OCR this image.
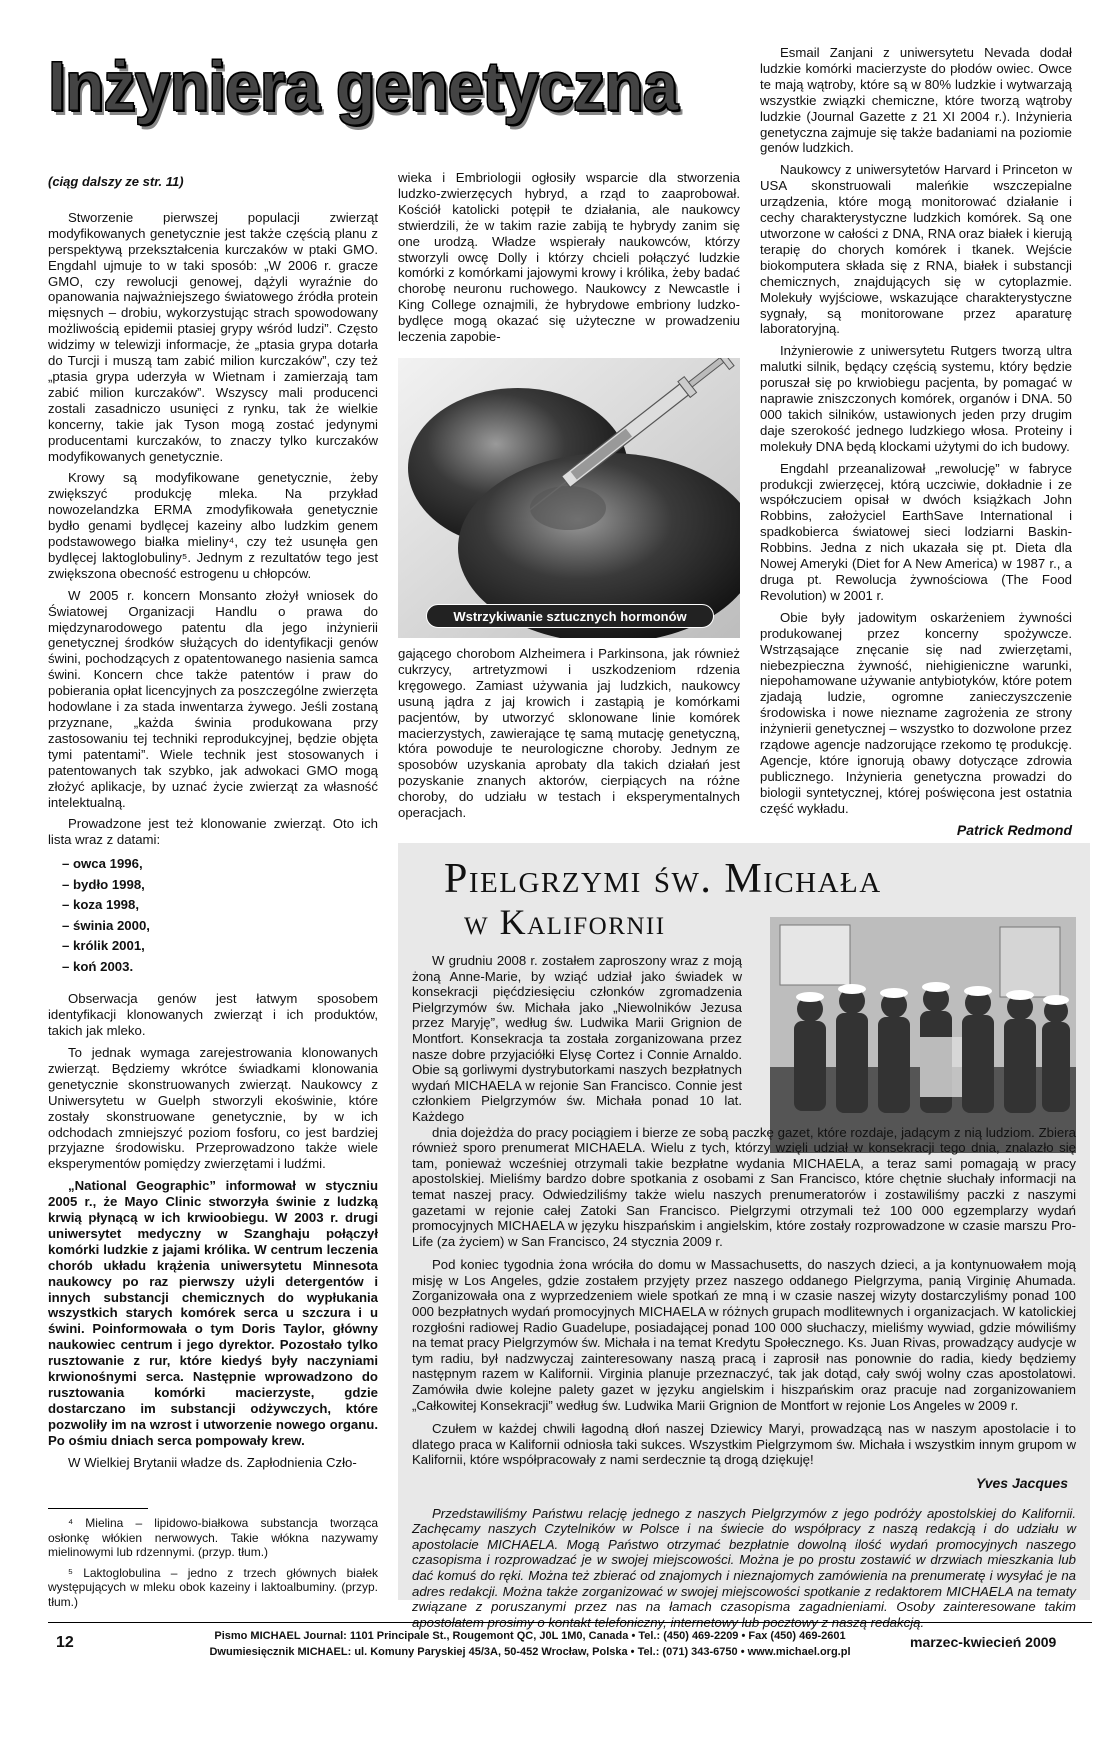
Inżyniera genetyczna
(ciąg dalszy ze str. 11)

Stworzenie pierwszej populacji zwierząt modyfikowanych genetycznie jest także częścią planu z perspektywą przekształcenia kurczaków w ptaki GMO. Engdahl ujmuje to w taki sposób: „W 2006 r. gracze GMO, czy rewolucji genowej, dążyli wyraźnie do opanowania najważniejszego światowego źródła protein mięsnych – drobiu, wykorzystując strach spowodowany możliwością epidemii ptasiej grypy wśród ludzi”. Często widzimy w telewizji informacje, że „ptasia grypa dotarła do Turcji i muszą tam zabić milion kurczaków”, czy też „ptasia grypa uderzyła w Wietnam i zamierzają tam zabić milion kurczaków”. Wszyscy mali producenci zostali zasadniczo usunięci z rynku, tak że wielkie koncerny, takie jak Tyson mogą zostać jedynymi producentami kurczaków, to znaczy tylko kurczaków modyfikowanych genetycznie.

Krowy są modyfikowane genetycznie, żeby zwiększyć produkcję mleka. Na przykład nowozelandzka ERMA zmodyfikowała genetycznie bydło genami bydlęcej kazeiny albo ludzkim genem podstawowego białka mieliny⁴, czy też usunęła gen bydlęcej laktoglobuliny⁵. Jednym z rezultatów tego jest zwiększona obecność estrogenu u chłopców.

W 2005 r. koncern Monsanto złożył wniosek do Światowej Organizacji Handlu o prawa do międzynarodowego patentu dla jego inżynierii genetycznej środków służących do identyfikacji genów świni, pochodzących z opatentowanego nasienia samca świni. Koncern chce także patentów i praw do pobierania opłat licencyjnych za poszczególne zwierzęta hodowlane i za stada inwentarza żywego. Jeśli zostaną przyznane, „każda świnia produkowana przy zastosowaniu tej techniki reprodukcyjnej, będzie objęta tymi patentami”. Wiele technik jest stosowanych i patentowanych tak szybko, jak adwokaci GMO mogą złożyć aplikacje, by uznać życie zwierząt za własność intelektualną.

Prowadzone jest też klonowanie zwierząt. Oto ich lista wraz z datami:

– owca 1996,
– bydło 1998,
– koza 1998,
– świnia 2000,
– królik 2001,
– koń 2003.

Obserwacja genów jest łatwym sposobem identyfikacji klonowanych zwierząt i ich produktów, takich jak mleko.

To jednak wymaga zarejestrowania klonowanych zwierząt. Będziemy wkrótce świadkami klonowania genetycznie skonstruowanych zwierząt. Naukowcy z Uniwersytetu w Guelph stworzyli ekoświnie, które zostały skonstruowane genetycznie, by w ich odchodach zmniejszyć poziom fosforu, co jest bardziej przyjazne środowisku. Przeprowadzono także wiele eksperymentów pomiędzy zwierzętami i ludźmi.

„National Geographic” informował w styczniu 2005 r., że Mayo Clinic stworzyła świnie z ludzką krwią płynącą w ich krwioobiegu. W 2003 r. drugi uniwersytet medyczny w Szanghaju połączył komórki ludzkie z jajami królika. W centrum leczenia chorób układu krążenia uniwersytetu Minnesota naukowcy po raz pierwszy użyli detergentów i innych substancji chemicznych do wypłukania wszystkich starych komórek serca u szczura i u świni. Poinformowała o tym Doris Taylor, główny naukowiec centrum i jego dyrektor. Pozostało tylko rusztowanie z rur, które kiedyś były naczyniami krwionośnymi serca. Następnie wprowadzono do rusztowania komórki macierzyste, gdzie dostarczano im substancji odżywczych, które pozwoliły im na wzrost i utworzenie nowego organu. Po ośmiu dniach serca pompowały krew.

W Wielkiej Brytanii władze ds. Zapłodnienia Czło-

wieka i Embriologii ogłosiły wsparcie dla stworzenia ludzko-zwierzęcych hybryd, a rząd to zaaprobował. Kościół katolicki potępił te działania, ale naukowcy stwierdzili, że w takim razie zabiją te hybrydy zanim się one urodzą. Władze wspierały naukowców, którzy stworzyli owcę Dolly i którzy chcieli połączyć ludzkie komórki z komórkami jajowymi krowy i królika, żeby badać chorobę neuronu ruchowego. Naukowcy z Newcastle i King College oznajmili, że hybrydowe embriony ludzko-bydlęce mogą okazać się użyteczne w prowadzeniu leczenia zapobie-

Wstrzykiwanie sztucznych hormonów

gającego chorobom Alzheimera i Parkinsona, jak również cukrzycy, artretyzmowi i uszkodzeniom rdzenia kręgowego. Zamiast używania jaj ludzkich, naukowcy usuną jądra z jaj krowich i zastąpią je komórkami pacjentów, by utworzyć sklonowane linie komórek macierzystych, zawierające tę samą mutację genetyczną, która powoduje te neurologiczne choroby. Jednym ze sposobów uzyskania aprobaty dla takich działań jest pozyskanie znanych aktorów, cierpiących na różne choroby, do udziału w testach i eksperymentalnych operacjach.

Esmail Zanjani z uniwersytetu Nevada dodał ludzkie komórki macierzyste do płodów owiec. Owce te mają wątroby, które są w 80% ludzkie i wytwarzają wszystkie związki chemiczne, które tworzą wątroby ludzkie (Journal Gazette z 21 XI 2004 r.). Inżynieria genetyczna zajmuje się także badaniami na poziomie genów ludzkich.

Naukowcy z uniwersytetów Harvard i Princeton w USA skonstruowali maleńkie wszczepialne urządzenia, które mogą monitorować działanie i cechy charakterystyczne ludzkich komórek. Są one utworzone w całości z DNA, RNA oraz białek i kierują terapię do chorych komórek i tkanek. Wejście biokomputera składa się z RNA, białek i substancji chemicznych, znajdujących się w cytoplazmie. Molekuły wyjściowe, wskazujące charakterystyczne sygnały, są monitorowane przez aparaturę laboratoryjną.

Inżynierowie z uniwersytetu Rutgers tworzą ultra malutki silnik, będący częścią systemu, który będzie poruszał się po krwiobiegu pacjenta, by pomagać w naprawie zniszczonych komórek, organów i DNA. 50 000 takich silników, ustawionych jeden przy drugim daje szerokość jednego ludzkiego włosa. Proteiny i molekuły DNA będą klockami użytymi do ich budowy.

Engdahl przeanalizował „rewolucję” w fabryce produkcji zwierzęcej, którą uczciwie, dokładnie i ze współczuciem opisał w dwóch książkach John Robbins, założyciel EarthSave International i spadkobierca światowej sieci lodziarni Baskin-Robbins. Jedna z nich ukazała się pt. Dieta dla Nowej Ameryki (Diet for A New America) w 1987 r., a druga pt. Rewolucja żywnościowa (The Food Revolution) w 2001 r.

Obie były jadowitym oskarżeniem żywności produkowanej przez koncerny spożywcze. Wstrząsające znęcanie się nad zwierzętami, niebezpieczna żywność, niehigieniczne warunki, niepohamowane używanie antybiotyków, które potem zjadają ludzie, ogromne zanieczyszczenie środowiska i nowe niezname zagrożenia ze strony inżynierii genetycznej – wszystko to dozwolone przez rządowe agencje nadzorujące rzekomo tę produkcję. Agencje, które ignorują obawy dotyczące zdrowia publicznego. Inżynieria genetyczna prowadzi do biologii syntetycznej, której poświęcona jest ostatnia część wykładu.

Patrick Redmond
Pielgrzymi św. Michała
w Kalifornii

W grudniu 2008 r. zostałem zaproszony wraz z moją żoną Anne-Marie, by wziąć udział jako świadek w konsekracji pięćdziesięciu członków zgromadzenia Pielgrzymów św. Michała jako „Niewolników Jezusa przez Maryję”, według św. Ludwika Marii Grignion de Montfort. Konsekracja ta została zorganizowana przez nasze dobre przyjaciółki Elysę Cortez i Connie Arnaldo. Obie są gorliwymi dystrybutorkami naszych bezpłatnych wydań MICHAELA w rejonie San Francisco. Connie jest członkiem Pielgrzymów św. Michała ponad 10 lat. Każdego

dnia dojeżdża do pracy pociągiem i bierze ze sobą paczkę gazet, które rozdaje, jadącym z nią ludziom. Zbiera również sporo prenumerat MICHAELA. Wielu z tych, którzy wzięli udział w konsekracji tego dnia, znalazło się tam, ponieważ wcześniej otrzymali takie bezpłatne wydania MICHAELA, a teraz sami pomagają w pracy apostolskiej. Mieliśmy bardzo dobre spotkania z osobami z San Francisco, które chętnie słuchały informacji na temat naszej pracy. Odwiedziliśmy także wielu naszych prenumeratorów i zostawiliśmy paczki z naszymi gazetami w rejonie całej Zatoki San Francisco. Pielgrzymi otrzymali też 100 000 egzemplarzy wydań promocyjnych MICHAELA w języku hiszpańskim i angielskim, które zostały rozprowadzone w czasie marszu Pro-Life (za życiem) w San Francisco, 24 stycznia 2009 r.

Pod koniec tygodnia żona wróciła do domu w Massachusetts, do naszych dzieci, a ja kontynuowałem moją misję w Los Angeles, gdzie zostałem przyjęty przez naszego oddanego Pielgrzyma, panią Virginię Ahumada. Zorganizowała ona z wyprzedzeniem wiele spotkań ze mną i w czasie naszej wizyty dostarczyliśmy ponad 100 000 bezpłatnych wydań promocyjnych MICHAELA w różnych grupach modlitewnych i organizacjach. W katolickiej rozgłośni radiowej Radio Guadelupe, posiadającej ponad 100 000 słuchaczy, mieliśmy wywiad, gdzie mówiliśmy na temat pracy Pielgrzymów św. Michała i na temat Kredytu Społecznego. Ks. Juan Rivas, prowadzący audycje w tym radiu, był nadzwyczaj zainteresowany naszą pracą i zaprosił nas ponownie do radia, kiedy będziemy następnym razem w Kalifornii. Virginia planuje przeznaczyć, tak jak dotąd, cały swój wolny czas apostolatowi. Zamówiła dwie kolejne palety gazet w języku angielskim i hiszpańskim oraz pracuje nad zorganizowaniem „Całkowitej Konsekracji” według św. Ludwika Marii Grignion de Montfort w rejonie Los Angeles w 2009 r.

Czułem w każdej chwili łagodną dłoń naszej Dziewicy Maryi, prowadzącą nas w naszym apostolacie i to dlatego praca w Kalifornii odniosła taki sukces. Wszystkim Pielgrzymom św. Michała i wszystkim innym grupom w Kalifornii, które współpracowały z nami serdecznie tą drogą dziękuję!

Yves Jacques

Przedstawiliśmy Państwu relację jednego z naszych Pielgrzymów z jego podróży apostolskiej do Kalifornii. Zachęcamy naszych Czytelników w Polsce i na świecie do współpracy z naszą redakcją i do udziału w apostolacie MICHAELA. Mogą Państwo otrzymać bezpłatnie dowolną ilość wydań promocyjnych naszego czasopisma i rozprowadzać je w swojej miejscowości. Można je po prostu zostawić w drzwiach mieszkania lub dać komuś do ręki. Można też zbierać od znajomych i nieznajomych zamówienia na prenumeratę i wysyłać je na adres redakcji. Można także zorganizować w swojej miejscowości spotkanie z redaktorem MICHAELA na tematy związane z poruszanymi przez nas na łamach czasopisma zagadnieniami. Osoby zainteresowane takim apostolatem prosimy o kontakt telefoniczny, internetowy lub pocztowy z naszą redakcją.

⁴ Mielina – lipidowo-białkowa substancja tworząca osłonkę włókien nerwowych. Takie włókna nazywamy mielinowymi lub rdzennymi. (przyp. tłum.)

⁵ Laktoglobulina – jedno z trzech głównych białek występujących w mleku obok kazeiny i laktoalbuminy. (przyp. tłum.)

12	Pismo MICHAEL Journal: 1101 Principale St., Rougemont QC, J0L 1M0, Canada • Tel.: (450) 469-2209 • Fax (450) 469-2601
Dwumiesięcznik MICHAEL: ul. Komuny Paryskiej 45/3A, 50-452 Wrocław, Polska • Tel.: (071) 343-6750 • www.michael.org.pl
marzec-kwiecień 2009
